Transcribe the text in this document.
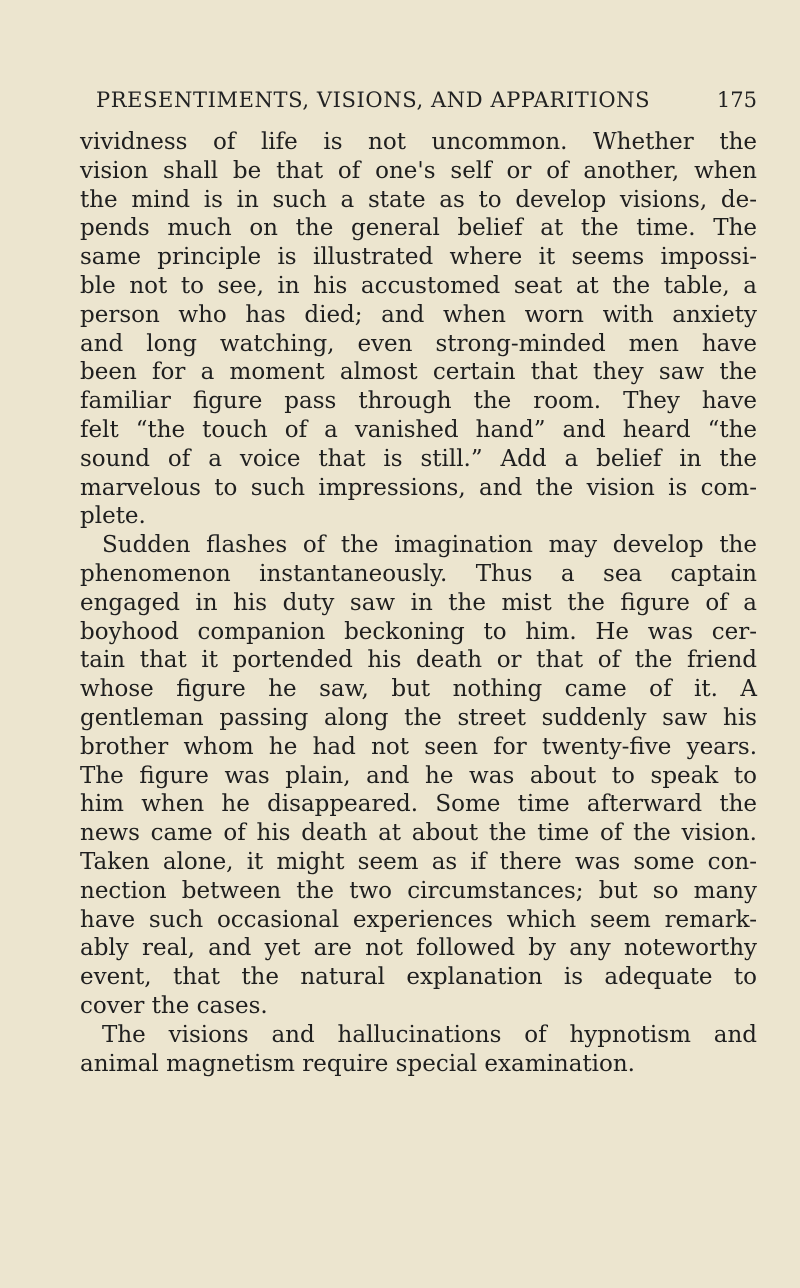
PRESENTIMENTS, VISIONS, AND APPARITIONS	175
vividness of life is not uncommon. Whether the
vision shall be that of one's self or of another, when
the mind is in such a state as to develop visions, de-
pends much on the general belief at the time. The
same principle is illustrated where it seems impossi-
ble not to see, in his accustomed seat at the table, a
person who has died; and when worn with anxiety
and long watching, even strong-minded men have
been for a moment almost certain that they saw the
familiar figure pass through the room. They have
felt “the touch of a vanished hand” and heard “the
sound of a voice that is still.” Add a belief in the
marvelous to such impressions, and the vision is com-
plete.
Sudden flashes of the imagination may develop the
phenomenon instantaneously. Thus a sea captain
engaged in his duty saw in the mist the figure of a
boyhood companion beckoning to him. He was cer-
tain that it portended his death or that of the friend
whose figure he saw, but nothing came of it. A
gentleman passing along the street suddenly saw his
brother whom he had not seen for twenty-five years.
The figure was plain, and he was about to speak to
him when he disappeared. Some time afterward the
news came of his death at about the time of the vision.
Taken alone, it might seem as if there was some con-
nection between the two circumstances; but so many
have such occasional experiences which seem remark-
ably real, and yet are not followed by any noteworthy
event, that the natural explanation is adequate to
cover the cases.
The visions and hallucinations of hypnotism and
animal magnetism require special examination.
